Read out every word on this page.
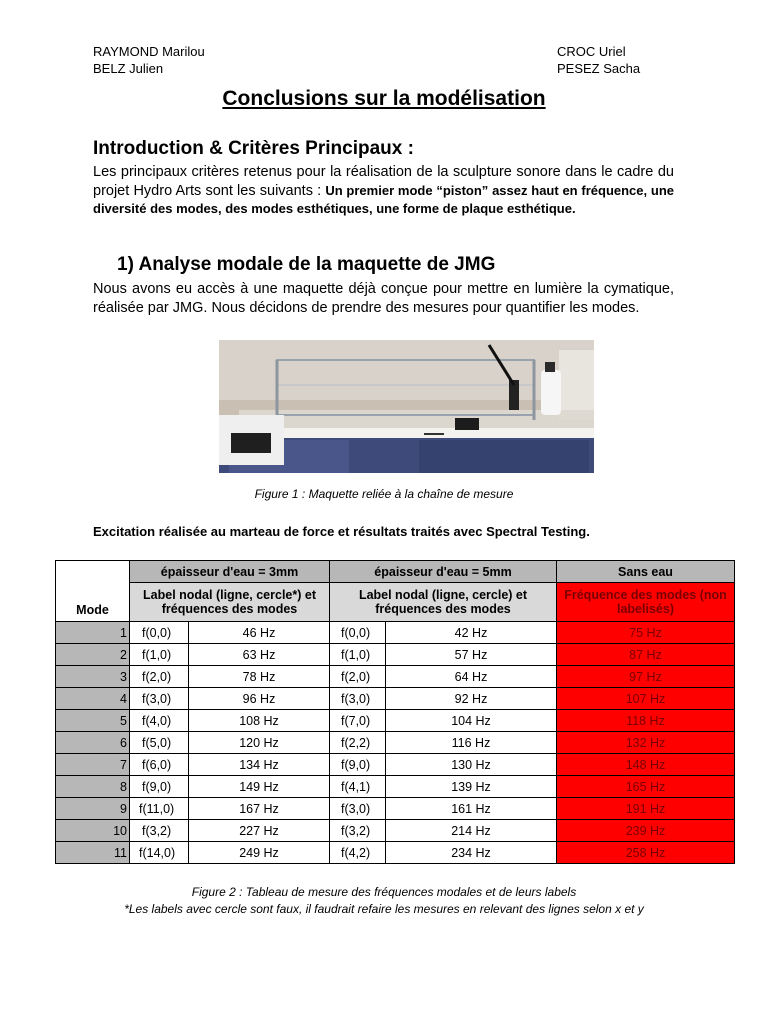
RAYMOND Marilou
BELZ Julien
CROC Uriel
PESEZ Sacha
Conclusions sur la modélisation
Introduction & Critères Principaux :
Les principaux critères retenus pour la réalisation de la sculpture sonore dans le cadre du projet Hydro Arts sont les suivants : Un premier mode “piston” assez haut en fréquence, une diversité des modes, des modes esthétiques, une forme de plaque esthétique.
1) Analyse modale de la maquette de JMG
Nous avons eu accès à une maquette déjà conçue pour mettre en lumière la cymatique, réalisée par JMG. Nous décidons de prendre des mesures pour quantifier les modes.
Figure 1 : Maquette reliée à la chaîne de mesure
Excitation réalisée au marteau de force et résultats traités avec Spectral Testing.
	épaisseur d'eau = 3mm		épaisseur d'eau = 5mm		Sans eau
Mode	Label nodal (ligne, cercle*) et fréquences des modes		Label nodal (ligne, cercle) et fréquences des modes		Fréquence des modes (non labelisés)
1	f(0,0)	46 Hz	f(0,0)	42 Hz	75 Hz
2	f(1,0)	63 Hz	f(1,0)	57 Hz	87 Hz
3	f(2,0)	78 Hz	f(2,0)	64 Hz	97 Hz
4	f(3,0)	96 Hz	f(3,0)	92 Hz	107 Hz
5	f(4,0)	108 Hz	f(7,0)	104 Hz	118 Hz
6	f(5,0)	120 Hz	f(2,2)	116 Hz	132 Hz
7	f(6,0)	134 Hz	f(9,0)	130 Hz	148 Hz
8	f(9,0)	149 Hz	f(4,1)	139 Hz	165 Hz
9	f(11,0)	167 Hz	f(3,0)	161 Hz	191 Hz
10	f(3,2)	227 Hz	f(3,2)	214 Hz	239 Hz
11	f(14,0)	249 Hz	f(4,2)	234 Hz	258 Hz
Figure 2 : Tableau de mesure des fréquences modales et de leurs labels
*Les labels avec cercle sont faux, il faudrait refaire les mesures en relevant des lignes selon x et y
